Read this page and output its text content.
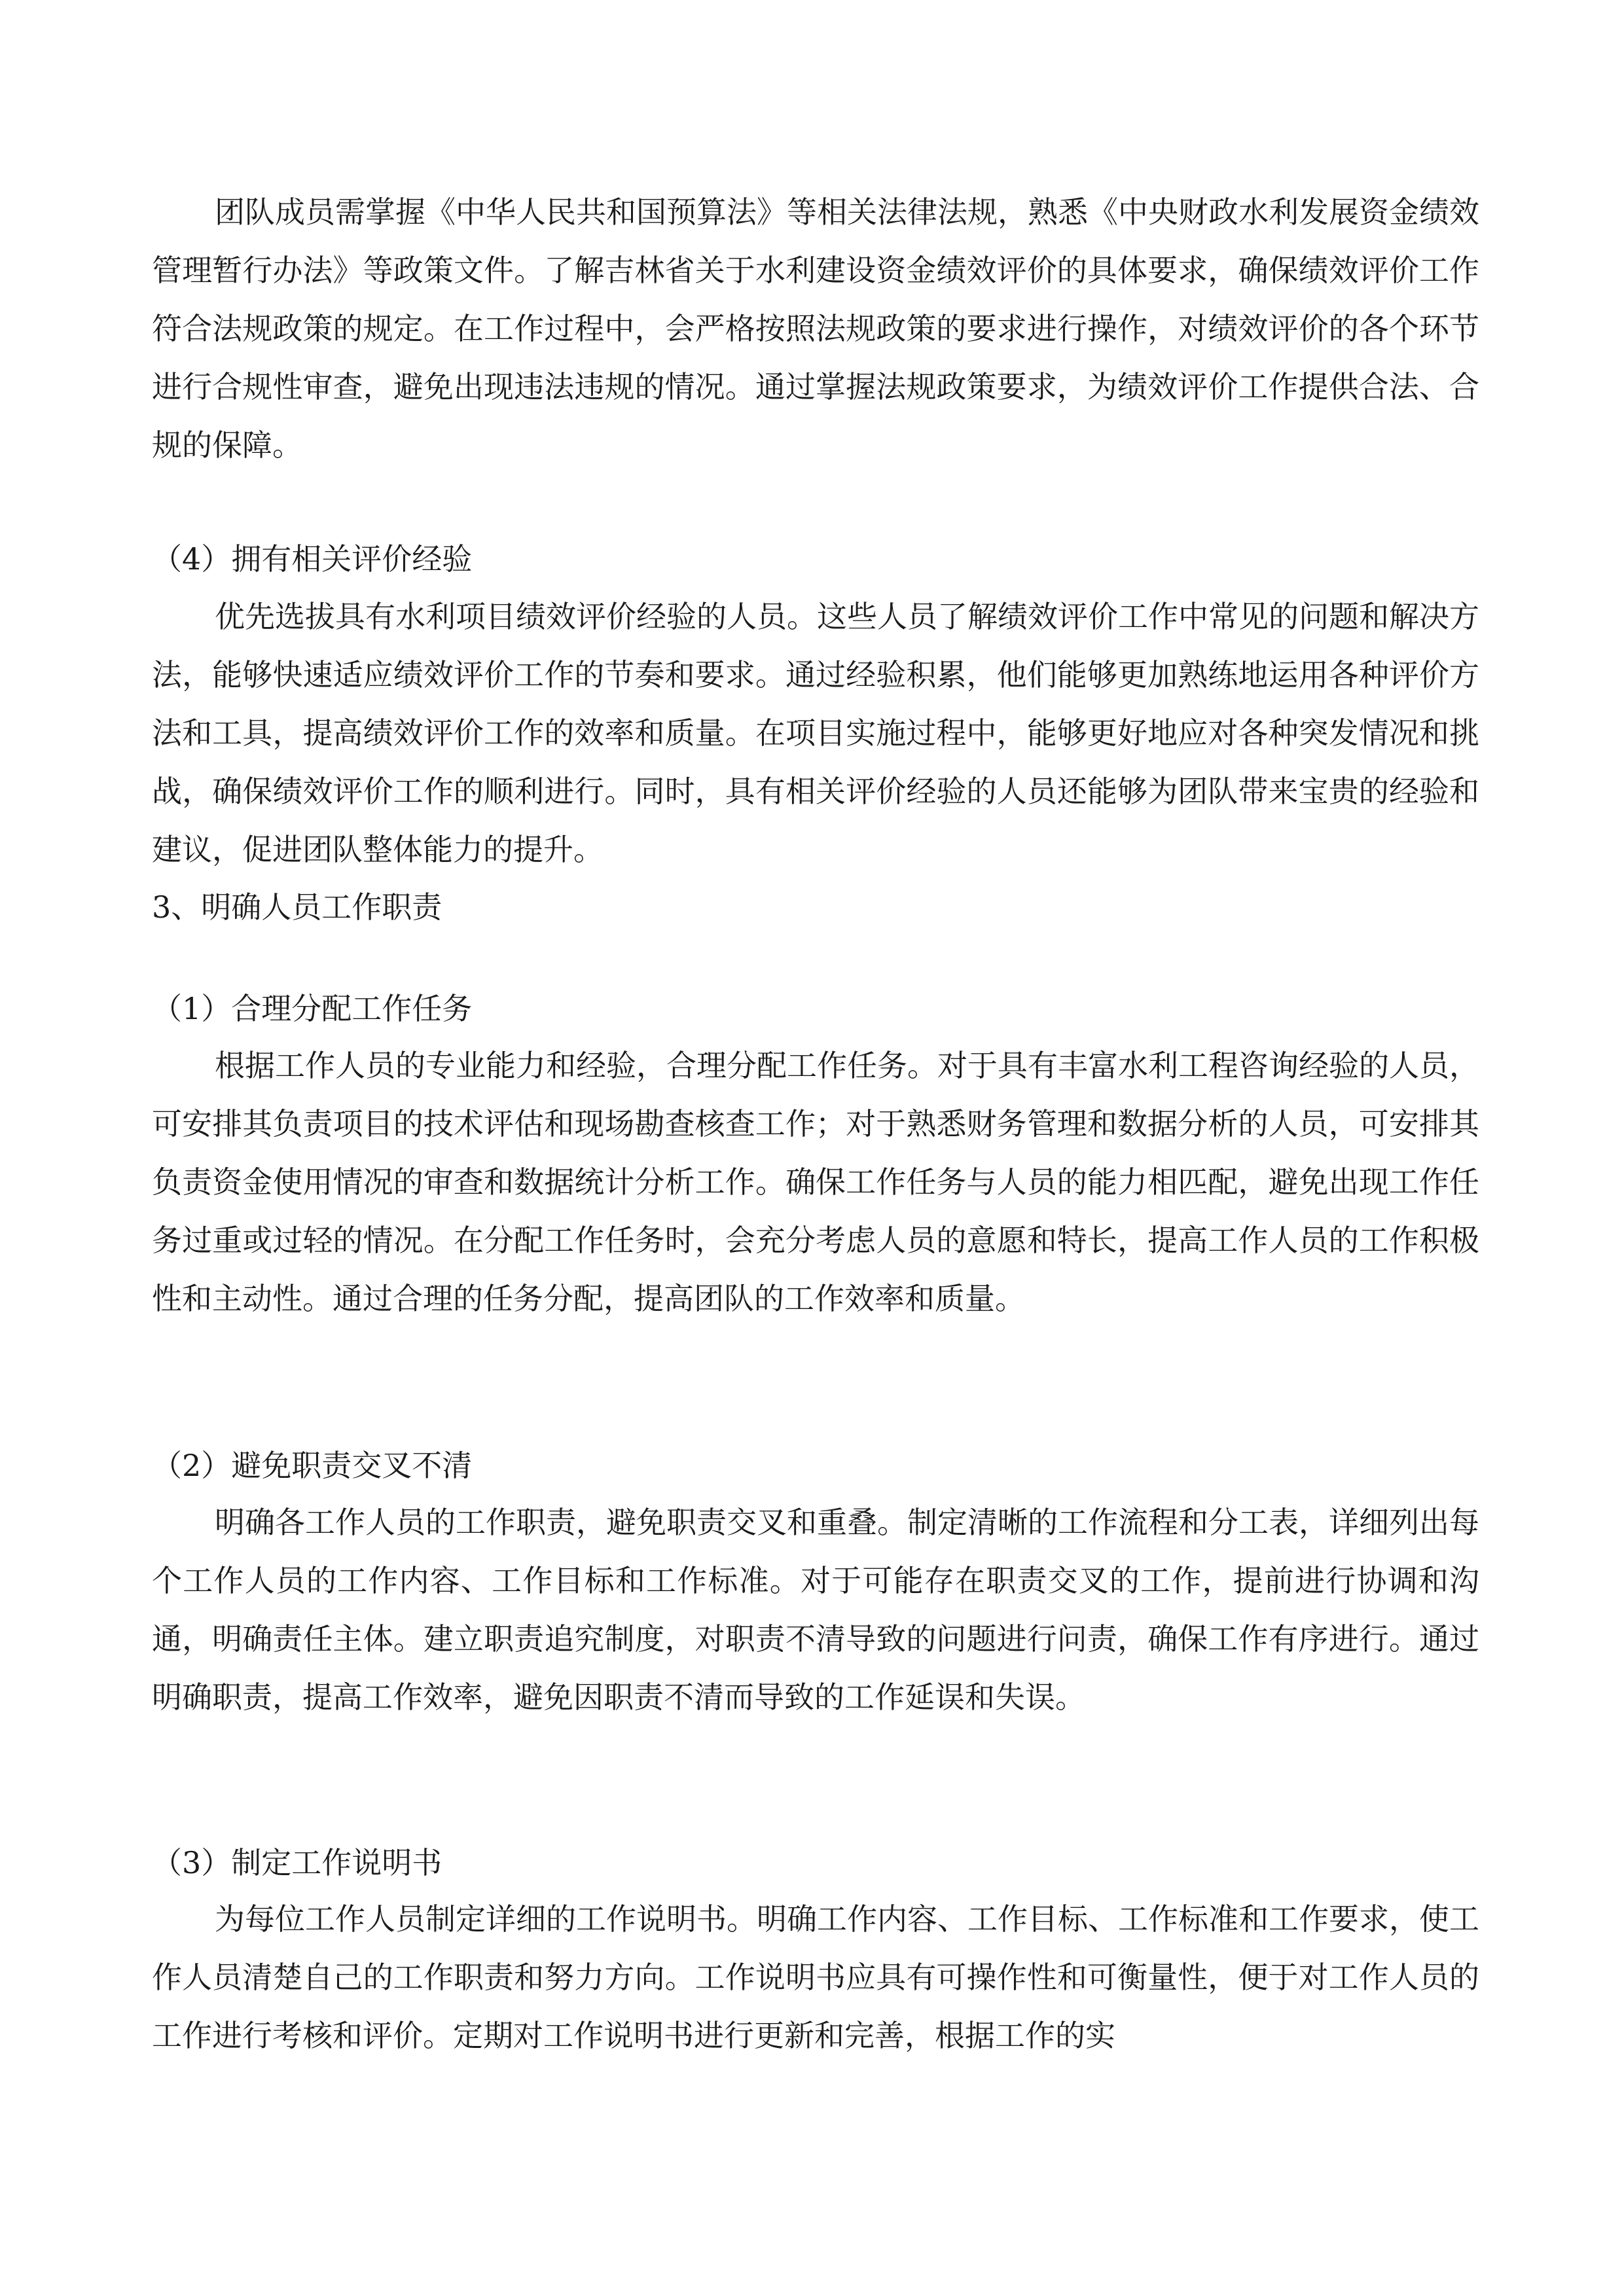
团队成员需掌握《中华人民共和国预算法》等相关法律法规，熟悉《中央财政水利发展资金绩效管理暂行办法》等政策文件。了解吉林省关于水利建设资金绩效评价的具体要求，确保绩效评价工作符合法规政策的规定。在工作过程中，会严格按照法规政策的要求进行操作，对绩效评价的各个环节进行合规性审查，避免出现违法违规的情况。通过掌握法规政策要求，为绩效评价工作提供合法、合规的保障。

（4）拥有相关评价经验

优先选拔具有水利项目绩效评价经验的人员。这些人员了解绩效评价工作中常见的问题和解决方法，能够快速适应绩效评价工作的节奏和要求。通过经验积累，他们能够更加熟练地运用各种评价方法和工具，提高绩效评价工作的效率和质量。在项目实施过程中，能够更好地应对各种突发情况和挑战，确保绩效评价工作的顺利进行。同时，具有相关评价经验的人员还能够为团队带来宝贵的经验和建议，促进团队整体能力的提升。

3、明确人员工作职责
（1）合理分配工作任务

根据工作人员的专业能力和经验，合理分配工作任务。对于具有丰富水利工程咨询经验的人员，可安排其负责项目的技术评估和现场勘查核查工作；对于熟悉财务管理和数据分析的人员，可安排其负责资金使用情况的审查和数据统计分析工作。确保工作任务与人员的能力相匹配，避免出现工作任务过重或过轻的情况。在分配工作任务时，会充分考虑人员的意愿和特长，提高工作人员的工作积极性和主动性。通过合理的任务分配，提高团队的工作效率和质量。

（2）避免职责交叉不清

明确各工作人员的工作职责，避免职责交叉和重叠。制定清晰的工作流程和分工表，详细列出每个工作人员的工作内容、工作目标和工作标准。对于可能存在职责交叉的工作，提前进行协调和沟通，明确责任主体。建立职责追究制度，对职责不清导致的问题进行问责，确保工作有序进行。通过明确职责，提高工作效率，避免因职责不清而导致的工作延误和失误。

（3）制定工作说明书

为每位工作人员制定详细的工作说明书。明确工作内容、工作目标、工作标准和工作要求，使工作人员清楚自己的工作职责和努力方向。工作说明书应具有可操作性和可衡量性，便于对工作人员的工作进行考核和评价。定期对工作说明书进行更新和完善，根据工作的实
